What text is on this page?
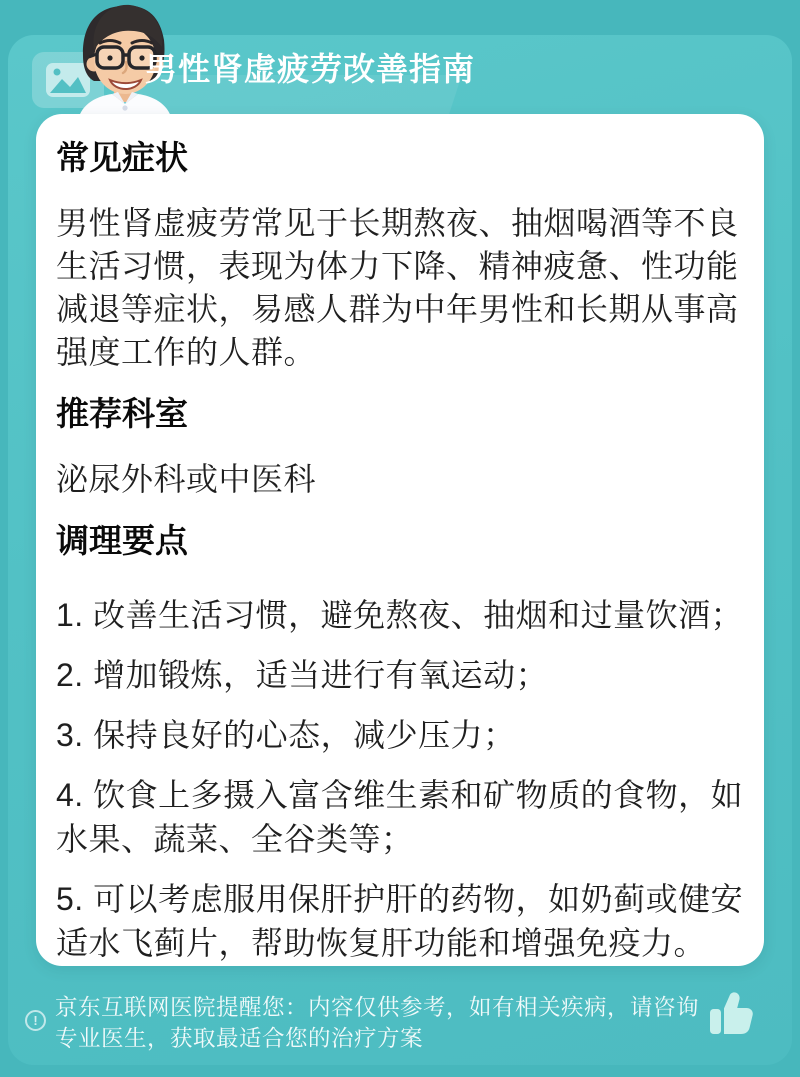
男性肾虚疲劳改善指南
常见症状
男性肾虚疲劳常见于长期熬夜、抽烟喝酒等不良生活习惯，表现为体力下降、精神疲惫、性功能减退等症状，易感人群为中年男性和长期从事高强度工作的人群。
推荐科室
泌尿外科或中医科
调理要点
1. 改善生活习惯，避免熬夜、抽烟和过量饮酒；
2. 增加锻炼，适当进行有氧运动；
3. 保持良好的心态，减少压力；
4. 饮食上多摄入富含维生素和矿物质的食物，如水果、蔬菜、全谷类等；
5. 可以考虑服用保肝护肝的药物，如奶蓟或健安适水飞蓟片，帮助恢复肝功能和增强免疫力。
!
京东互联网医院提醒您：内容仅供参考，如有相关疾病，请咨询专业医生，获取最适合您的治疗方案
